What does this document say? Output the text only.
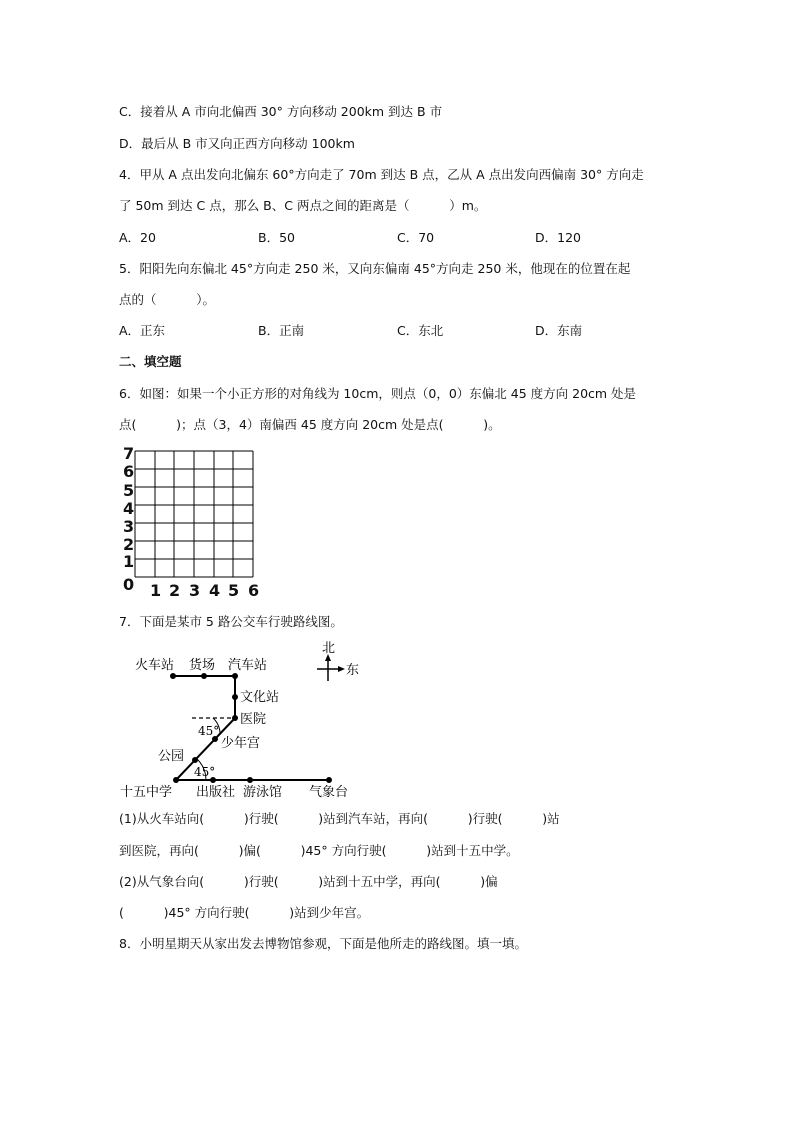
C．接着从 A 市向北偏西 30° 方向移动 200km 到达 B 市
D．最后从 B 市又向正西方向移动 100km
4．甲从 A 点出发向北偏东 60°方向走了 70m 到达 B 点，乙从 A 点出发向西偏南 30° 方向走
了 50m 到达 C 点，那么 B、C 两点之间的距离是（          ）m。
A．20	B．50	C．70	D．120
5．阳阳先向东偏北 45°方向走 250 米，又向东偏南 45°方向走 250 米，他现在的位置在起
点的（          ）。
A．正东	B．正南	C．东北	D．东南
二、填空题
6．如图：如果一个小正方形的对角线为 10cm，则点（0，0）东偏北 45 度方向 20cm 处是
点(          )；点（3，4）南偏西 45 度方向 20cm 处是点(          )。
7
6
5
4
3
2
1
0 1 2 3 4 5 6
7．下面是某市 5 路公交车行驶路线图。
北
东
火车站 货场 汽车站
文化站
医院
少年宫
公园
十五中学 出版社 游泳馆 气象台
45°
45°
(1)从火车站向(          )行驶(          )站到汽车站，再向(          )行驶(          )站
到医院，再向(          )偏(          )45° 方向行驶(          )站到十五中学。
(2)从气象台向(          )行驶(          )站到十五中学，再向(          )偏
(          )45° 方向行驶(          )站到少年宫。
8．小明星期天从家出发去博物馆参观，下面是他所走的路线图。填一填。
